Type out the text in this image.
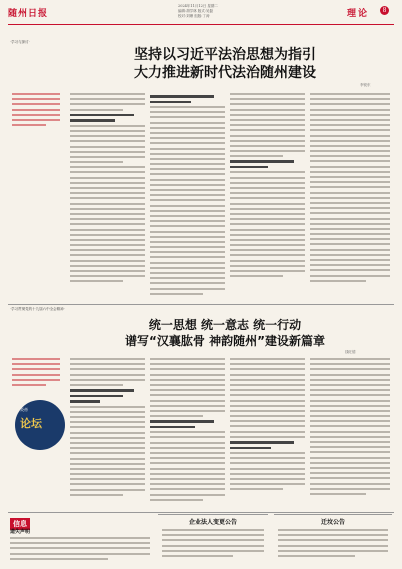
随州日报
2024年11月12日 星期二
编辑:胡学林 版式:吴磊
校对:刘珊 组版:丁涛	理论	8
·学习与探讨·
坚持以习近平法治思想为指引
大力推进新时代法治随州建设
李锐东
·学习贯彻党的十九届六中全会精神·
统一思想 统一意志 统一行动
谱写“汉襄肱骨 神韵随州”建设新篇章
钱旺德
炎帝
论坛
信息
遗失声明
企业法人变更公告	迁坟公告
